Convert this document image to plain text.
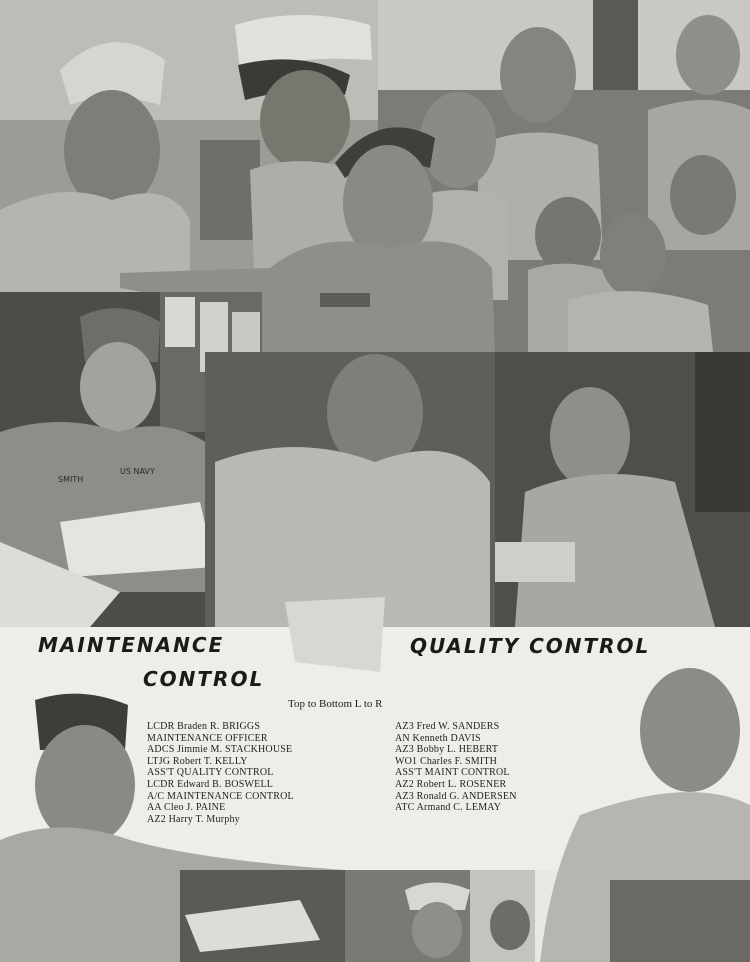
SMITH
US NAVY
MAINTENANCE
CONTROL
QUALITY CONTROL
Top to Bottom L to R
LCDR Braden R. BRIGGS
MAINTENANCE OFFICER
ADCS Jimmie M. STACKHOUSE
LTJG Robert T. KELLY
ASS'T QUALITY CONTROL
LCDR Edward B. BOSWELL
A/C MAINTENANCE CONTROL
AA Cleo J. PAINE
AZ2 Harry T. Murphy
AZ3 Fred W. SANDERS
AN Kenneth DAVIS
AZ3 Bobby L. HEBERT
WO1 Charles F. SMITH
ASS'T MAINT CONTROL
AZ2 Robert L. ROSENER
AZ3 Ronald G. ANDERSEN
ATC Armand C. LEMAY
